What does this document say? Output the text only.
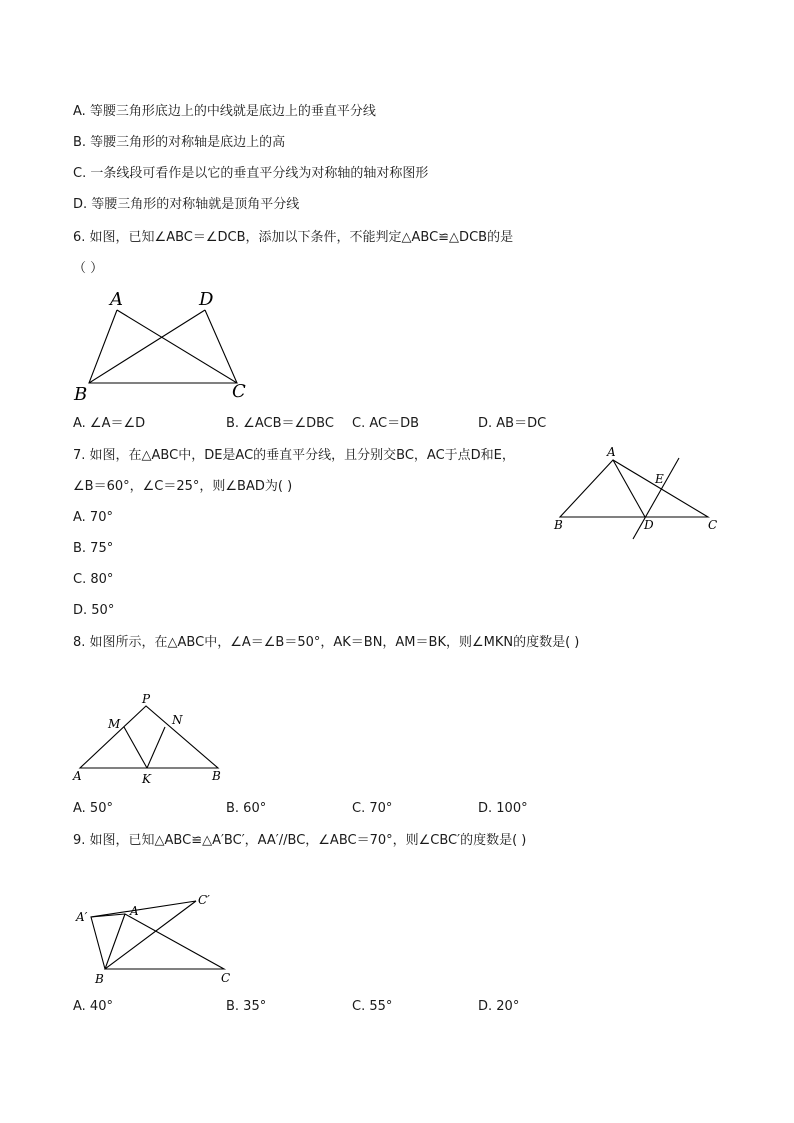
A. 等腰三角形底边上的中线就是底边上的垂直平分线
B. 等腰三角形的对称轴是底边上的高
C. 一条线段可看作是以它的垂直平分线为对称轴的轴对称图形
D. 等腰三角形的对称轴就是顶角平分线
6. 如图，已知∠ABC＝∠DCB，添加以下条件，不能判定△ABC≌△DCB的是
（ ）
A	D
B	C
A. ∠A＝∠D	B. ∠ACB＝∠DBC C. AC＝DB	D. AB＝DC
7. 如图，在△ABC中，DE是AC的垂直平分线，且分别交BC，AC于点D和E，
∠B＝60°，∠C＝25°，则∠BAD为( )
A
E
B	D	C
A. 70°
B. 75°
C. 80°
D. 50°
8. 如图所示，在△ABC中，∠A＝∠B＝50°，AK＝BN，AM＝BK，则∠MKN的度数是( )
P
M	N
A	K	B
A. 50°	B. 60°	C. 70°	D. 100°
9. 如图，已知△ABC≌△A′BC′，AA′//BC，∠ABC＝70°，则∠CBC′的度数是( )
A′	A
C′
B	C
A. 40°	B. 35°	C. 55°	D. 20°
